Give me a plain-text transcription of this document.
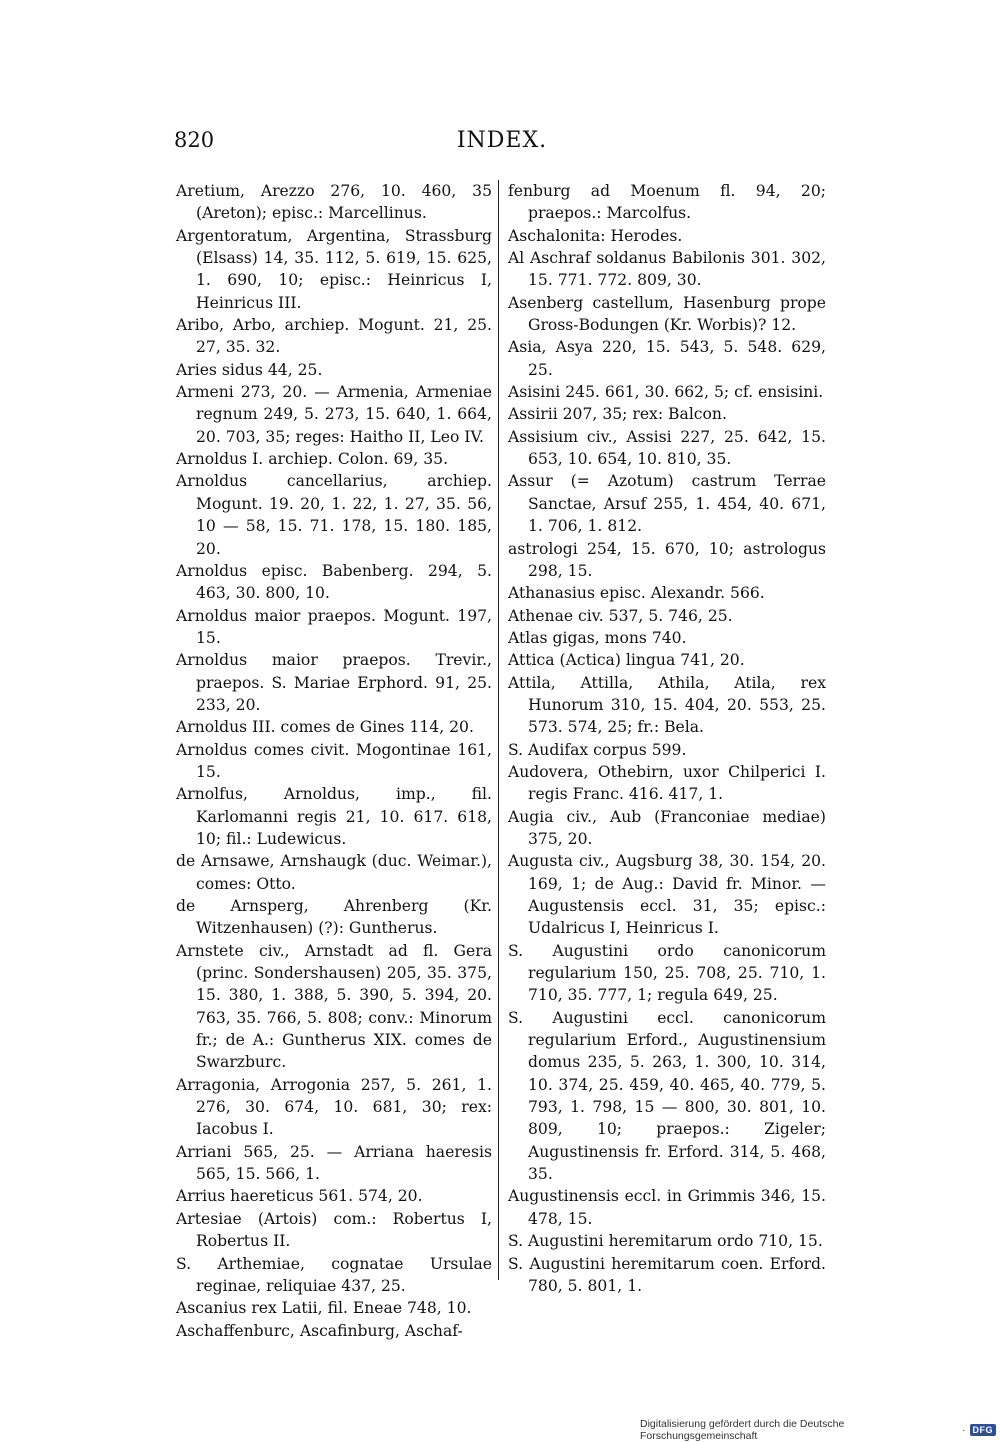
820	INDEX.
Aretium, Arezzo 276, 10. 460, 35 (Areton); episc.: Marcellinus.
Argentoratum, Argentina, Strassburg (Elsass) 14, 35. 112, 5. 619, 15. 625, 1. 690, 10; episc.: Heinricus I, Heinricus III.
Aribo, Arbo, archiep. Mogunt. 21, 25. 27, 35. 32.
Aries sidus 44, 25.
Armeni 273, 20. — Armenia, Armeniae regnum 249, 5. 273, 15. 640, 1. 664, 20. 703, 35; reges: Haitho II, Leo IV.
Arnoldus I. archiep. Colon. 69, 35.
Arnoldus cancellarius, archiep. Mogunt. 19. 20, 1. 22, 1. 27, 35. 56, 10 — 58, 15. 71. 178, 15. 180. 185, 20.
Arnoldus episc. Babenberg. 294, 5. 463, 30. 800, 10.
Arnoldus maior praepos. Mogunt. 197, 15.
Arnoldus maior praepos. Trevir., praepos. S. Mariae Erphord. 91, 25. 233, 20.
Arnoldus III. comes de Gines 114, 20.
Arnoldus comes civit. Mogontinae 161, 15.
Arnolfus, Arnoldus, imp., fil. Karlomanni regis 21, 10. 617. 618, 10; fil.: Ludewicus.
de Arnsawe, Arnshaugk (duc. Weimar.), comes: Otto.
de Arnsperg, Ahrenberg (Kr. Witzenhausen) (?): Guntherus.
Arnstete civ., Arnstadt ad fl. Gera (princ. Sondershausen) 205, 35. 375, 15. 380, 1. 388, 5. 390, 5. 394, 20. 763, 35. 766, 5. 808; conv.: Minorum fr.; de A.: Guntherus XIX. comes de Swarzburc.
Arragonia, Arrogonia 257, 5. 261, 1. 276, 30. 674, 10. 681, 30; rex: Iacobus I.
Arriani 565, 25. — Arriana haeresis 565, 15. 566, 1.
Arrius haereticus 561. 574, 20.
Artesiae (Artois) com.: Robertus I, Robertus II.
S. Arthemiae, cognatae Ursulae reginae, reliquiae 437, 25.
Ascanius rex Latii, fil. Eneae 748, 10.
Aschaffenburc, Ascafinburg, Aschaf-
fenburg ad Moenum fl. 94, 20; praepos.: Marcolfus.
Aschalonita: Herodes.
Al Aschraf soldanus Babilonis 301. 302, 15. 771. 772. 809, 30.
Asenberg castellum, Hasenburg prope Gross-Bodungen (Kr. Worbis)? 12.
Asia, Asya 220, 15. 543, 5. 548. 629, 25.
Asisini 245. 661, 30. 662, 5; cf. ensisini.
Assirii 207, 35; rex: Balcon.
Assisium civ., Assisi 227, 25. 642, 15. 653, 10. 654, 10. 810, 35.
Assur (= Azotum) castrum Terrae Sanctae, Arsuf 255, 1. 454, 40. 671, 1. 706, 1. 812.
astrologi 254, 15. 670, 10; astrologus 298, 15.
Athanasius episc. Alexandr. 566.
Athenae civ. 537, 5. 746, 25.
Atlas gigas, mons 740.
Attica (Actica) lingua 741, 20.
Attila, Attilla, Athila, Atila, rex Hunorum 310, 15. 404, 20. 553, 25. 573. 574, 25; fr.: Bela.
S. Audifax corpus 599.
Audovera, Othebirn, uxor Chilperici I. regis Franc. 416. 417, 1.
Augia civ., Aub (Franconiae mediae) 375, 20.
Augusta civ., Augsburg 38, 30. 154, 20. 169, 1; de Aug.: David fr. Minor. — Augustensis eccl. 31, 35; episc.: Udalricus I, Heinricus I.
S. Augustini ordo canonicorum regularium 150, 25. 708, 25. 710, 1. 710, 35. 777, 1; regula 649, 25.
S. Augustini eccl. canonicorum regularium Erford., Augustinensium domus 235, 5. 263, 1. 300, 10. 314, 10. 374, 25. 459, 40. 465, 40. 779, 5. 793, 1. 798, 15 — 800, 30. 801, 10. 809, 10; praepos.: Zigeler; Augustinensis fr. Erford. 314, 5. 468, 35.
Augustinensis eccl. in Grimmis 346, 15. 478, 15.
S. Augustini heremitarum ordo 710, 15.
S. Augustini heremitarum coen. Erford. 780, 5. 801, 1.
Digitalisierung gefördert durch die Deutsche Forschungsgemeinschaft	· DFG
